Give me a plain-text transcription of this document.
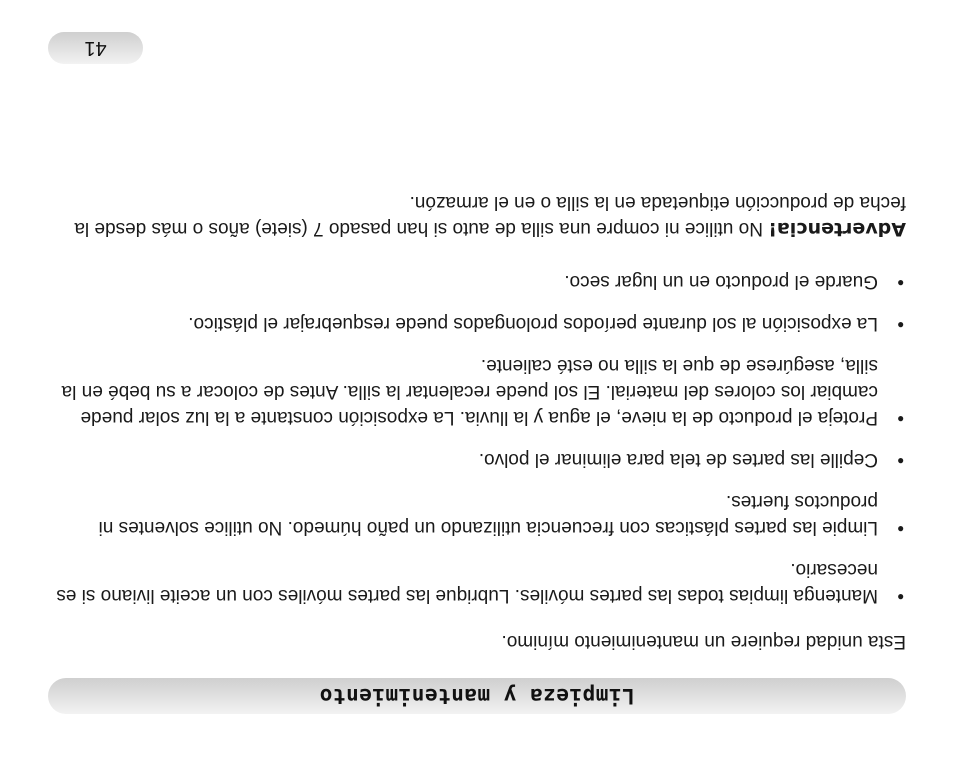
Limpieza y mantenimiento

Esta unidad requiere un mantenimiento mínimo.

•
Mantenga limpias todas las partes móviles. Lubrique las partes móviles con un aceite liviano si es necesario.
•
Limpie las partes plásticas con frecuencia utilizando un paño húmedo. No utilice solventes ni productos fuertes.
•
Cepille las partes de tela para eliminar el polvo.
•
Proteja el producto de la nieve, el agua y la lluvia. La exposición constante a la luz solar puede cambiar los colores del material. El sol puede recalentar la silla. Antes de colocar a su bebé en la silla, asegúrese de que la silla no esté caliente.
•
La exposición al sol durante períodos prolongados puede resquebrajar el plástico.
•
Guarde el producto en un lugar seco.

Advertencia! No utilice ni compre una silla de auto si han pasado 7 (siete) años o más desde la fecha de producción etiquetada en la silla o en el armazón.

41
